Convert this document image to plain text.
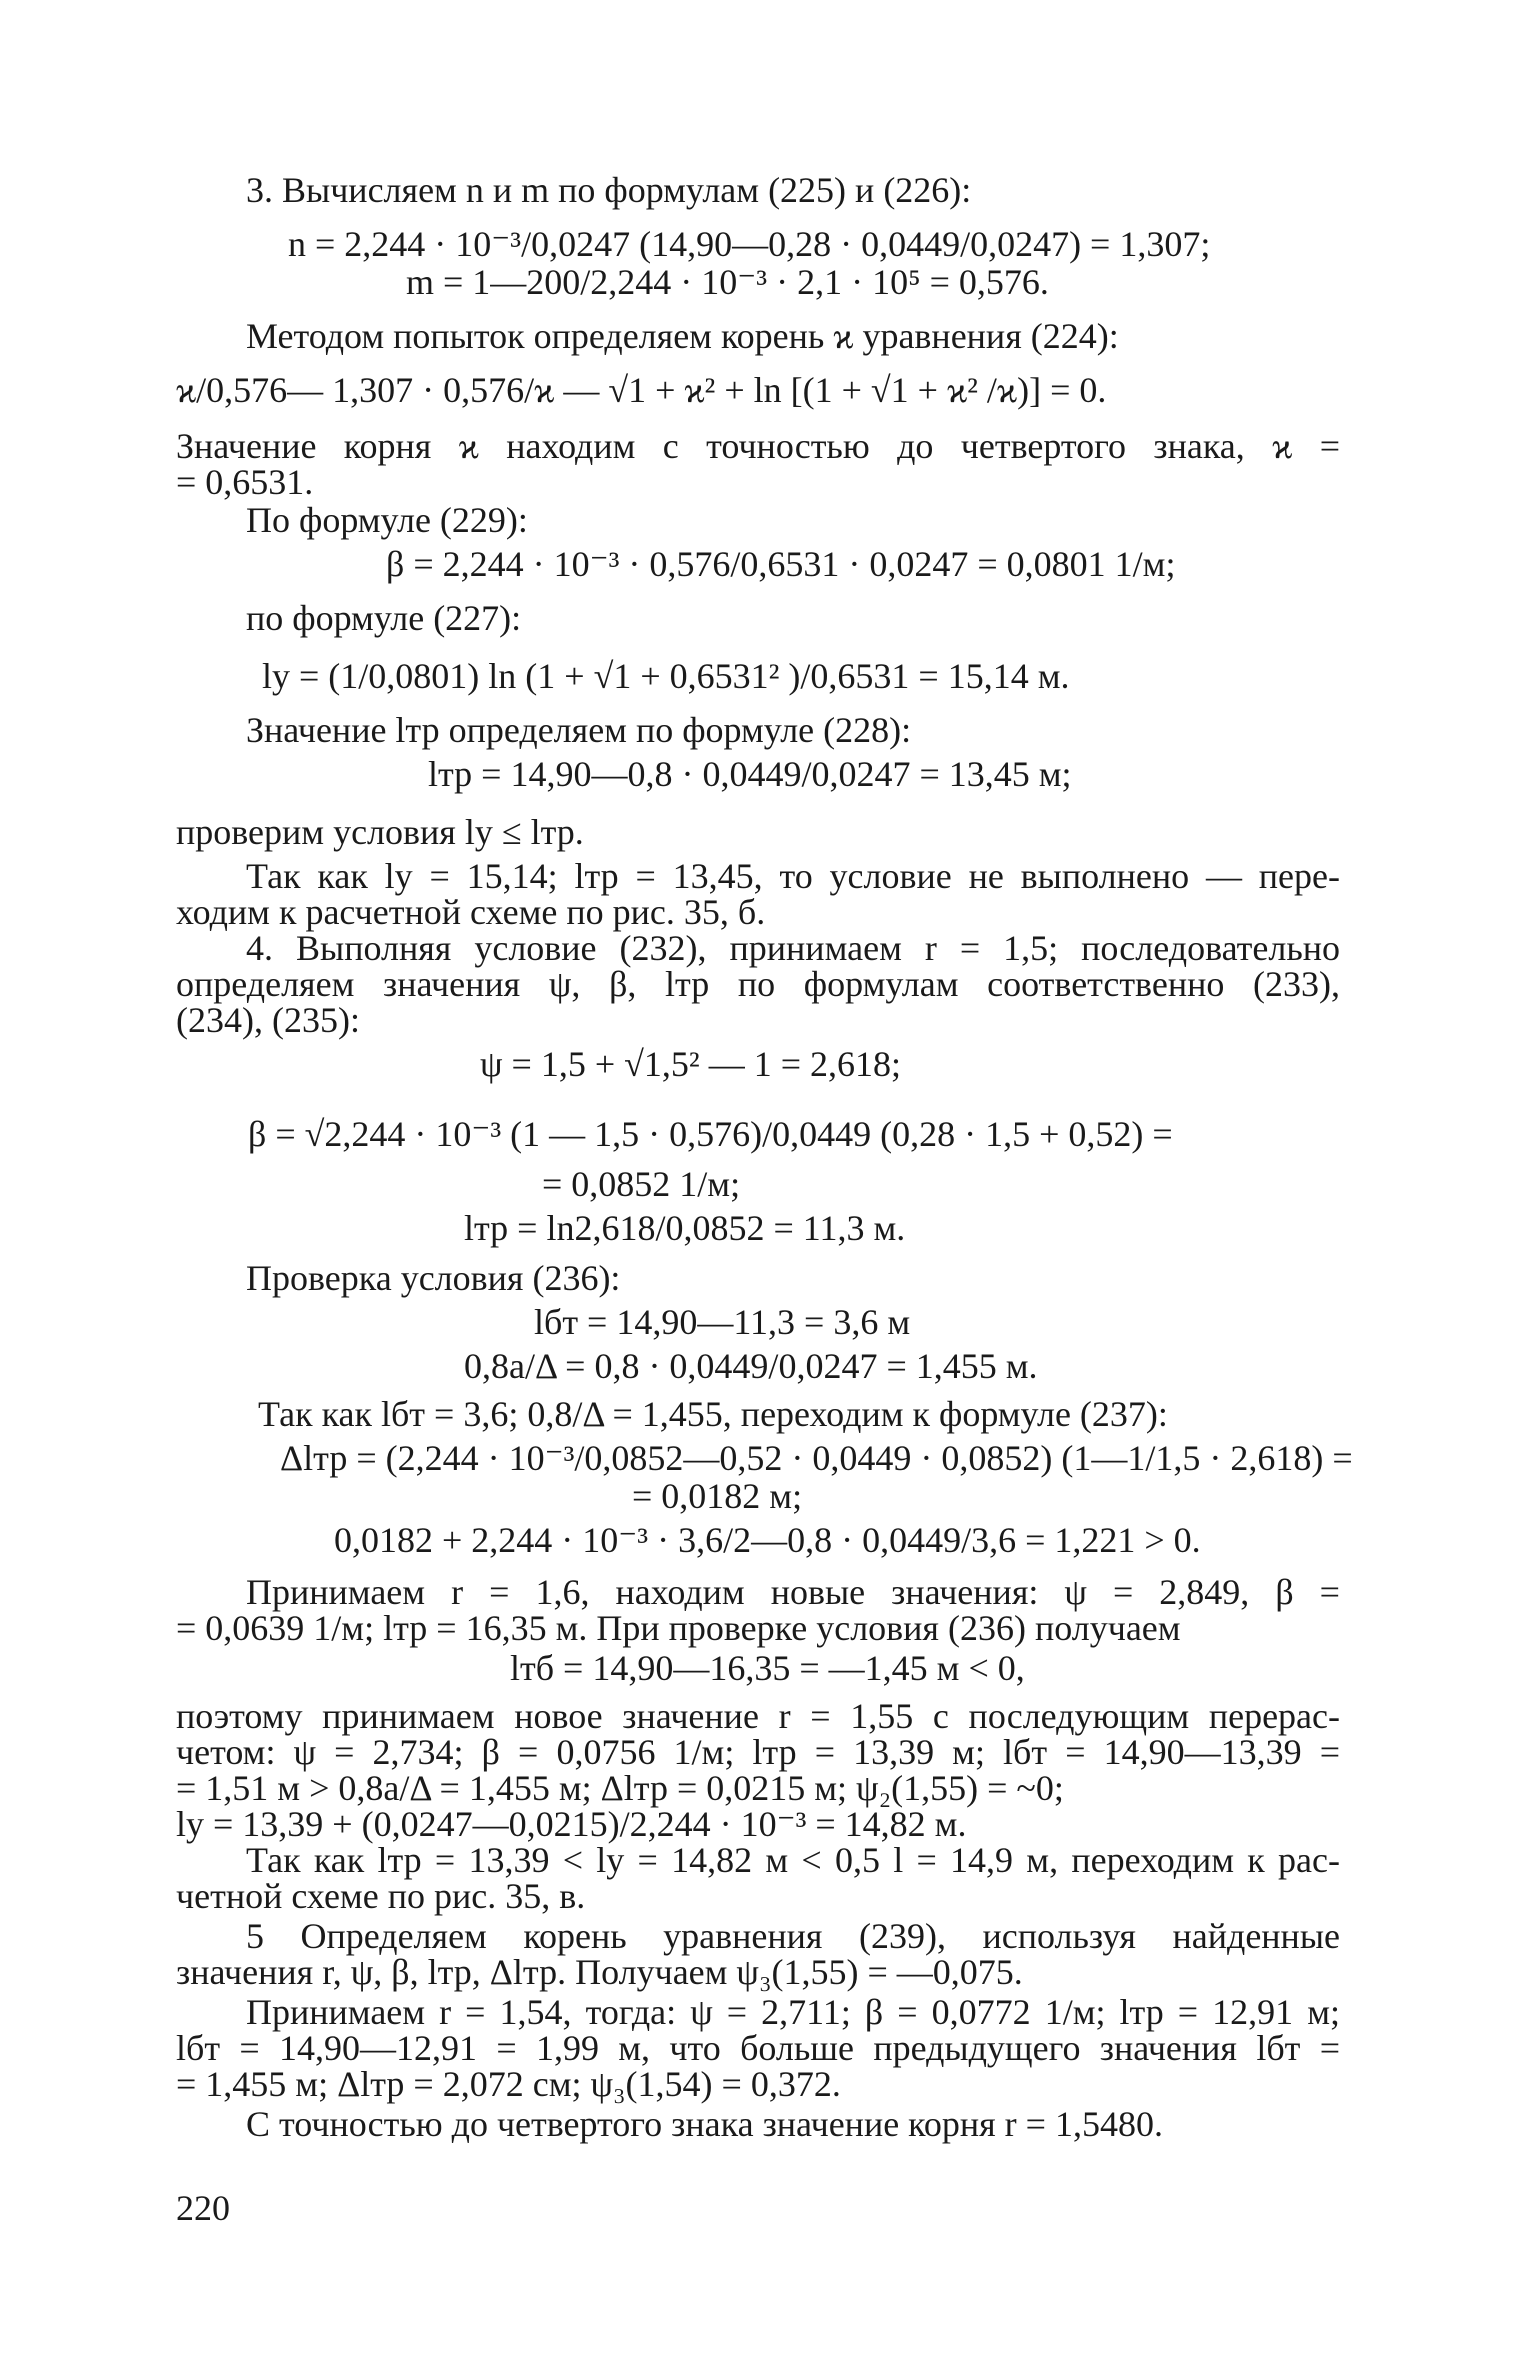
3. Вычисляем n и m по формулам (225) и (226):
n = 2,244 · 10⁻³/0,0247 (14,90—0,28 · 0,0449/0,0247) = 1,307;
m = 1—200/2,244 · 10⁻³ · 2,1 · 10⁵ = 0,576.
Методом попыток определяем корень ϰ уравнения (224):
ϰ/0,576— 1,307 · 0,576/ϰ — √1 + ϰ² + ln [(1 + √1 + ϰ² /ϰ)] = 0.
Значение корня ϰ находим с точностью до четвертого знака, ϰ =
= 0,6531.
По формуле (229):
β = 2,244 · 10⁻³ · 0,576/0,6531 · 0,0247 = 0,0801 1/м;
по формуле (227):
lу = (1/0,0801) ln (1 + √1 + 0,6531² )/0,6531 = 15,14 м.
Значение lтр определяем по формуле (228):
lтр = 14,90—0,8 · 0,0449/0,0247 = 13,45 м;
проверим условия lу ≤ lтр.
Так как lу = 15,14; lтр = 13,45, то условие не выполнено — пере-
ходим к расчетной схеме по рис. 35, б.
4. Выполняя условие (232), принимаем r = 1,5; последовательно
определяем значения ψ, β, lтр по формулам соответственно (233),
(234), (235):
ψ = 1,5 + √1,5² — 1 = 2,618;
β = √2,244 · 10⁻³ (1 — 1,5 · 0,576)/0,0449 (0,28 · 1,5 + 0,52) =
= 0,0852 1/м;
lтр = ln2,618/0,0852 = 11,3 м.
Проверка условия (236):
lбт = 14,90—11,3 = 3,6 м
0,8a/Δ = 0,8 · 0,0449/0,0247 = 1,455 м.
Так как lбт = 3,6; 0,8/Δ = 1,455, переходим к формуле (237):
Δlтр = (2,244 · 10⁻³/0,0852—0,52 · 0,0449 · 0,0852) (1—1/1,5 · 2,618) =
= 0,0182 м;
0,0182 + 2,244 · 10⁻³ · 3,6/2—0,8 · 0,0449/3,6 = 1,221 > 0.
Принимаем r = 1,6, находим новые значения: ψ = 2,849, β =
= 0,0639 1/м; lтр = 16,35 м. При проверке условия (236) получаем
lтб = 14,90—16,35 = —1,45 м < 0,
поэтому принимаем новое значение r = 1,55 с последующим перерас-
четом: ψ = 2,734; β = 0,0756 1/м; lтр = 13,39 м; lбт = 14,90—13,39 =
= 1,51 м > 0,8a/Δ = 1,455 м; Δlтр = 0,0215 м; ψ₂(1,55) = ~0;
lу = 13,39 + (0,0247—0,0215)/2,244 · 10⁻³ = 14,82 м.
Так как lтр = 13,39 < lу = 14,82 м < 0,5 l = 14,9 м, переходим к рас-
четной схеме по рис. 35, в.
5 Определяем корень уравнения (239), используя найденные
значения r, ψ, β, lтр, Δlтр. Получаем ψ₃(1,55) = —0,075.
Принимаем r = 1,54, тогда: ψ = 2,711; β = 0,0772 1/м; lтр = 12,91 м;
lбт = 14,90—12,91 = 1,99 м, что больше предыдущего значения lбт =
= 1,455 м; Δlтр = 2,072 см; ψ₃(1,54) = 0,372.
С точностью до четвертого знака значение корня r = 1,5480.
220
